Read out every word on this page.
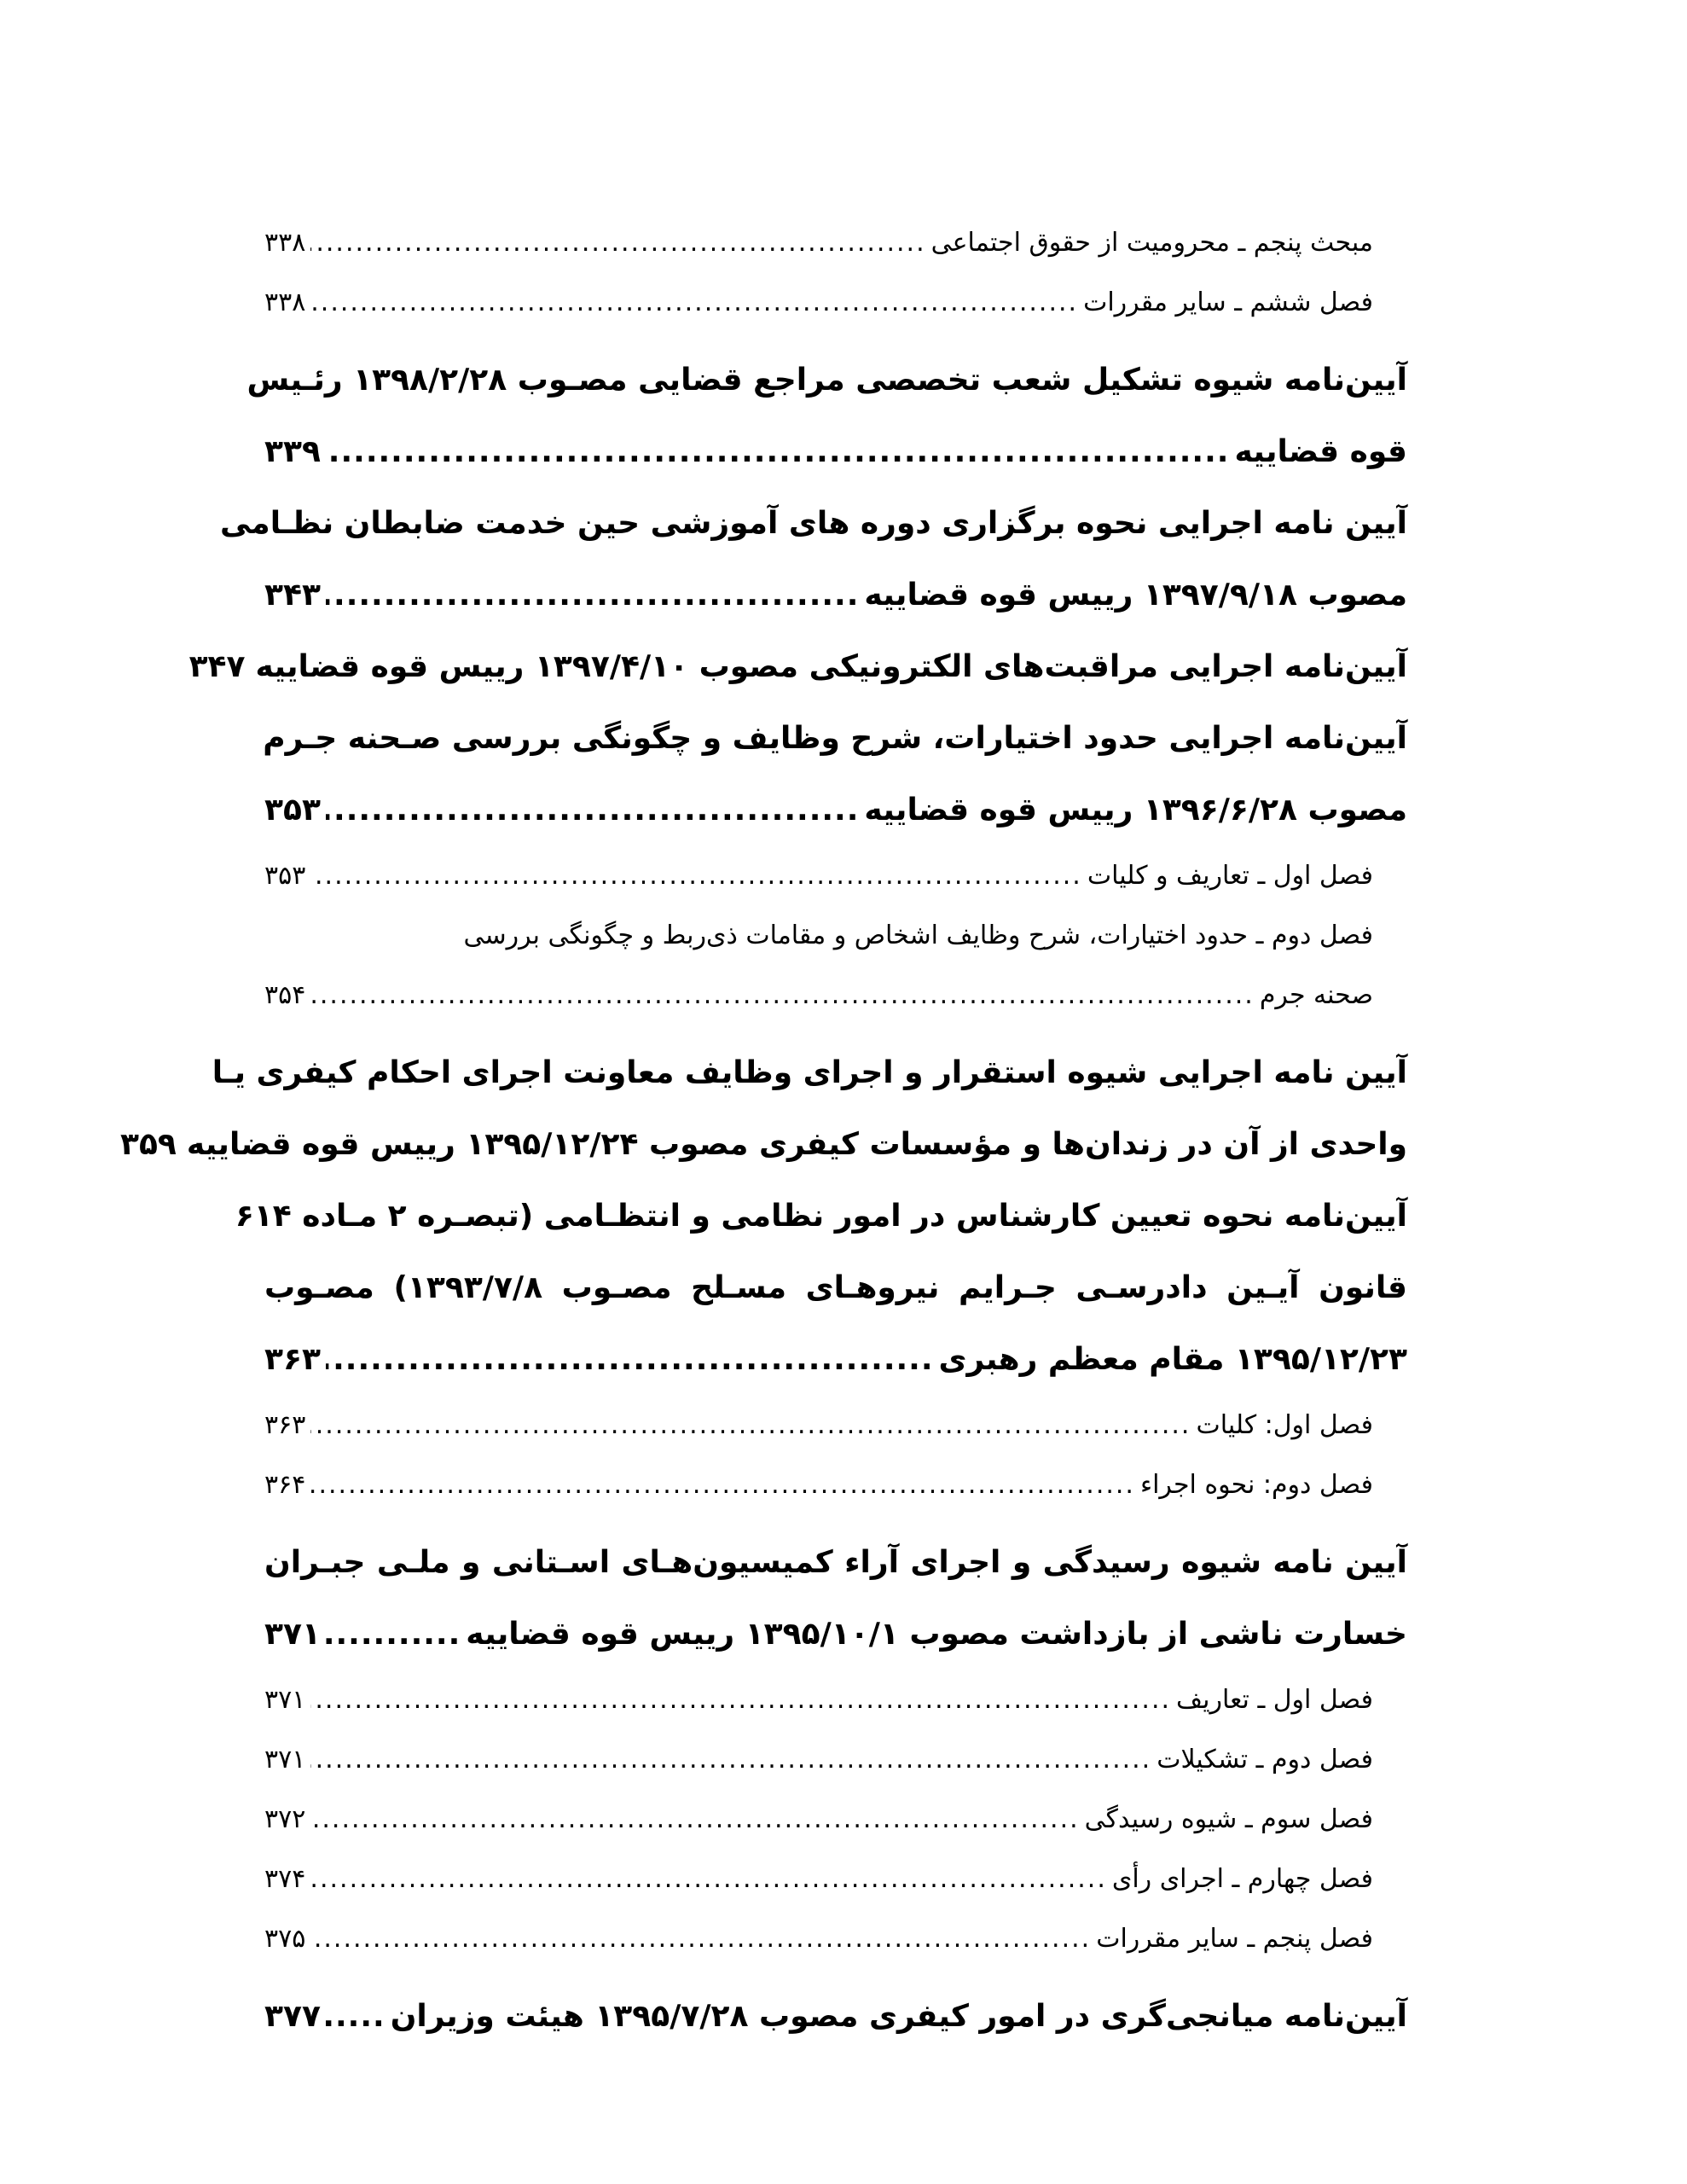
مبحث پنجم ـ محرومیت از حقوق اجتماعی
.....
۳۳۸
فصل ششم ـ سایر مقررات
.....
۳۳۸
آیین‌نامه شیوه تشکیل شعب تخصصی مراجع قضایی مصـوب ۱۳۹۸/۲/۲۸ رئـیس
قوه قضاییه
.....
۳۳۹
آیین نامه اجرایی نحوه برگزاری دوره های آموزشی حین خدمت ضابطان نظـامی
مصوب ۱۳۹۷/۹/۱۸ رییس قوه قضاییه
.....
۳۴۳
آیین‌نامه اجرایی مراقبت‌های الکترونیکی مصوب ۱۳۹۷/۴/۱۰ رییس قوه قضاییه
۳۴۷
آیین‌نامه اجرایی حدود اختیارات، شرح وظایف و چگونگی بررسی صـحنه جـرم
مصوب ۱۳۹۶/۶/۲۸ رییس قوه قضاییه
.....
۳۵۳
فصل اول ـ تعاریف و کلیات
.....
۳۵۳
فصل دوم ـ حدود اختیارات، شرح وظایف اشخاص و مقامات ذی‌ربط و چگونگی بررسی
صحنه جرم
.....
۳۵۴
آیین نامه اجرایی شیوه استقرار و اجرای وظایف معاونت اجرای احکام کیفری یـا
واحدی از آن در زندان‌ها و مؤسسات کیفری مصوب ۱۳۹۵/۱۲/۲۴ رییس قوه قضاییه
۳۵۹
آیین‌نامه نحوه تعیین کارشناس در امور نظامی و انتظـامی (تبصـره ۲ مـاده ۶۱۴
قانون آیـین دادرسـی جـرایم نیروهـای مسـلح مصـوب ۱۳۹۳/۷/۸) مصـوب
۱۳۹۵/۱۲/۲۳ مقام معظم رهبری
.....
۳۶۳
فصل اول: کلیات
.....
۳۶۳
فصل دوم: نحوه اجراء
.....
۳۶۴
آیین نامه شیوه رسیدگی و اجرای آراء کمیسیون‌هـای اسـتانی و ملـی جبـران
خسارت ناشی از بازداشت مصوب ۱۳۹۵/۱۰/۱ رییس قوه قضاییه
.....
۳۷۱
فصل اول ـ تعاریف
.....
۳۷۱
فصل دوم ـ تشکیلات
.....
۳۷۱
فصل سوم ـ شیوه رسیدگی
.....
۳۷۲
فصل چهارم ـ اجرای رأی
.....
۳۷۴
فصل پنجم ـ سایر مقررات
.....
۳۷۵
آیین‌نامه میانجی‌گری در امور کیفری مصوب ۱۳۹۵/۷/۲۸ هیئت وزیران
.....
۳۷۷
